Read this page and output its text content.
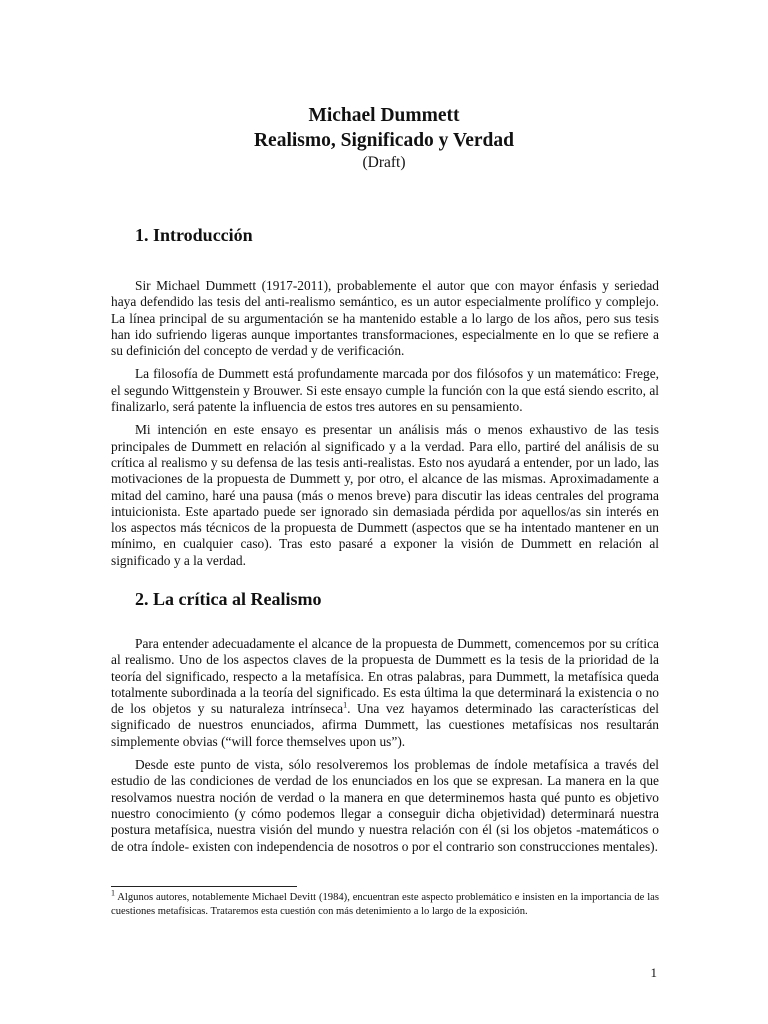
Michael Dummett

Realismo, Significado y Verdad

(Draft)

1. Introducción

Sir Michael Dummett (1917-2011), probablemente el autor que con mayor énfasis y seriedad haya defendido las tesis del anti-realismo semántico, es un autor especialmente prolífico y complejo. La línea principal de su argumentación se ha mantenido estable a lo largo de los años, pero sus tesis han ido sufriendo ligeras aunque importantes transformaciones, especialmente en lo que se refiere a su definición del concepto de verdad y de verificación.

La filosofía de Dummett está profundamente marcada por dos filósofos y un matemático: Frege, el segundo Wittgenstein y Brouwer. Si este ensayo cumple la función con la que está siendo escrito, al finalizarlo, será patente la influencia de estos tres autores en su pensamiento.

Mi intención en este ensayo es presentar un análisis más o menos exhaustivo de las tesis principales de Dummett en relación al significado y a la verdad. Para ello, partiré del análisis de su crítica al realismo y su defensa de las tesis anti-realistas. Esto nos ayudará a entender, por un lado, las motivaciones de la propuesta de Dummett y, por otro, el alcance de las mismas. Aproximadamente a mitad del camino, haré una pausa (más o menos breve) para discutir las ideas centrales del programa intuicionista. Este apartado puede ser ignorado sin demasiada pérdida por aquellos/as sin interés en los aspectos más técnicos de la propuesta de Dummett (aspectos que se ha intentado mantener en un mínimo, en cualquier caso). Tras esto pasaré a exponer la visión de Dummett en relación al significado y a la verdad.

2. La crítica al Realismo

Para entender adecuadamente el alcance de la propuesta de Dummett, comencemos por su crítica al realismo. Uno de los aspectos claves de la propuesta de Dummett es la tesis de la prioridad de la teoría del significado, respecto a la metafísica. En otras palabras, para Dummett, la metafísica queda totalmente subordinada a la teoría del significado. Es esta última la que determinará la existencia o no de los objetos y su naturaleza intrínseca$^1$. Una vez hayamos determinado las características del significado de nuestros enunciados, afirma Dummett, las cuestiones metafísicas nos resultarán simplemente obvias (“will force themselves upon us”).

Desde este punto de vista, sólo resolveremos los problemas de índole metafísica a través del estudio de las condiciones de verdad de los enunciados en los que se expresan. La manera en la que resolvamos nuestra noción de verdad o la manera en que determinemos hasta qué punto es objetivo nuestro conocimiento (y cómo podemos llegar a conseguir dicha objetividad) determinará nuestra postura metafísica, nuestra visión del mundo y nuestra relación con él (si los objetos -matemáticos o de otra índole- existen con independencia de nosotros o por el contrario son construcciones mentales).

$^1$ Algunos autores, notablemente Michael Devitt (1984), encuentran este aspecto problemático e insisten en la importancia de las cuestiones metafísicas. Trataremos esta cuestión con más detenimiento a lo largo de la exposición.

1
